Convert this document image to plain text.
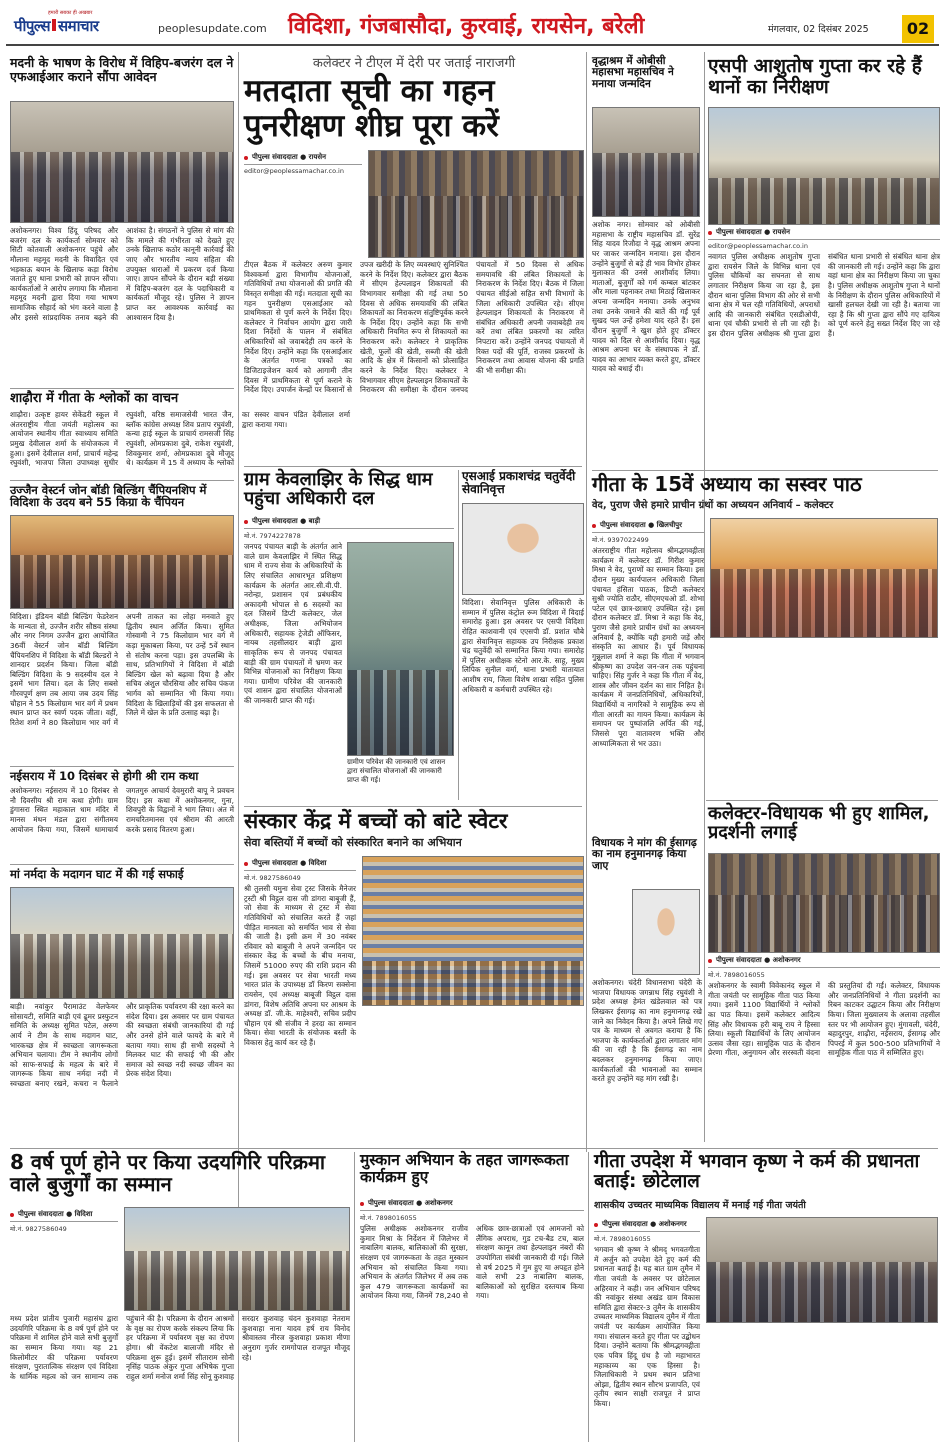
हमारी सबका ही अखबार
पीपुल्स समाचार	peoplesupdate.com विदिशा, गंजबासौदा, कुरवाई, रायसेन, बरेली	मंगलवार, 02 दिसंबर 2025	02
मदनी के भाषण के विरोध में विहिप-बजरंग दल ने एफआईआर कराने सौंपा आवेदन
अशोकनगर। विश्व हिंदू परिषद और बजरंग दल के कार्यकर्ता सोमवार को सिटी कोतवाली अशोकनगर पहुंचे और मौलाना महमूद मदनी के विवादित एवं भड़काऊ बयान के खिलाफ कड़ा विरोध जताते हुए थाना प्रभारी को ज्ञापन सौंपा। कार्यकर्ताओं ने आरोप लगाया कि मौलाना महमूद मदनी द्वारा दिया गया भाषण सामाजिक सौहार्द को भंग करने वाला है और इससे सांप्रदायिक तनाव बढ़ने की आशंका है। संगठनों ने पुलिस से मांग की कि मामले की गंभीरता को देखते हुए उनके खिलाफ कठोर कानूनी कार्रवाई की जाए और भारतीय न्याय संहिता की उपयुक्त धाराओं में प्रकरण दर्ज किया जाए। ज्ञापन सौंपने के दौरान बड़ी संख्या में विहिप-बजरंग दल के पदाधिकारी व कार्यकर्ता मौजूद रहे। पुलिस ने ज्ञापन प्राप्त कर आवश्यक कार्रवाई का आश्वासन दिया है।
शाढ़ौरा में गीता के श्लोकों का वाचन
शाढ़ौरा। उत्कृष्ट हायर सेकेंडरी स्कूल में अंतरराष्ट्रीय गीता जयंती महोत्सव का आयोजन स्थानीय गीता स्वाध्याय समिति प्रमुख देवीलाल शर्मा के संयोजकत्व में हुआ। इसमें देवीलाल शर्मा, प्राचार्य महेन्द्र रघुवंशी, भाजपा जिला उपाध्यक्ष सुधीर रघुवंशी, वरिष्ठ समाजसेवी भारत जैन, ब्लॉक कांग्रेस अध्यक्ष शिव प्रताप रघुवंशी, कन्या हाई स्कूल के प्राचार्य रामसजी सिंह रघुवंशी, ओमप्रकाश दुबे, राकेश रघुवंशी, शिवकुमार शर्मा, ओमप्रकाश दुबे मौजूद थे। कार्यक्रम में 15 वें अध्याय के श्लोकों का सस्वर वाचन पंडित देवीलाल शर्मा द्वारा कराया गया।
उज्जैन वेस्टर्न जोन बॉडी बिल्डिंग चैंपियनशिप में विदिशा के उदय बने 55 किग्रा के चैंपियन
विदिशा। इंडियन बॉडी बिल्डिंग फेडरेशन के मान्यता से, उज्जैन शरीर सौष्ठव संस्था और नगर निगम उज्जैन द्वारा आयोजित 36वीं वेस्टर्न जोन बॉडी बिल्डिंग चैंपियनशिप में विदिशा के बॉडी बिल्डरों ने शानदार प्रदर्शन किया। जिला बॉडी बिल्डिंग विदिशा के 9 सदस्यीय दल ने इसमें भाग लिया। दल के लिए सबसे गौरवपूर्ण क्षण तब आया जब उदय सिंह चौहान ने 55 किलोग्राम भार वर्ग में प्रथम स्थान प्राप्त कर स्वर्ण पदक जीता। वहीं, रितेश शर्मा ने 80 किलोग्राम भार वर्ग में अपनी ताकत का लोहा मनवाते हुए द्वितीय स्थान अर्जित किया। सुमित गोस्वामी ने 75 किलोग्राम भार वर्ग में कड़ा मुकाबला किया, पर उन्हें 5वें स्थान से संतोष करना पड़ा। इस उपलब्धि के साथ, प्रतिभागियों ने विदिशा में बॉडी बिल्डिंग खेल को बढ़ावा दिया है और सचिव अंशुल चौरसिया और सचिव पंकज भार्गव को सम्मानित भी किया गया। विदिशा के खिलाड़ियों की इस सफलता से जिले में खेल के प्रति उत्साह बढ़ा है।
नईसराय में 10 दिसंबर से होगी श्री राम कथा
अशोकनगर। नईसराय में 10 दिसंबर से नौ दिवसीय श्री राम कथा होगी। ग्राम डुंगासरा स्थित महाकाल धाम मंदिर में मानस मंथन मंडल द्वारा संगीतमय आयोजन किया गया, जिसमें धामाचार्य जगतगुरु आचार्य देवमुरारी बापू ने प्रवचन दिए। इस कथा में अशोकनगर, गुना, शिवपुरी के विद्वानों ने भाग लिया। अंत में रामचरितमानस एवं श्रीराम की आरती करके प्रसाद वितरण हुआ।
मां नर्मदा के मदागन घाट में की गई सफाई
बाड़ी। नवांकुर पैरामाउंट वेलफेयर सोसायटी, समिति बाड़ी एवं ढूमर प्रस्फुटन समिति के अध्यक्ष सुमित पटेल, अरुण आर्य ने टीम के साथ मदागन घाट, भारकच्छ क्षेत्र में स्वच्छता जागरूकता अभियान चलाया। टीम ने स्थानीय लोगों को साफ-सफाई के महत्व के बारे में जागरूक किया साथ नर्मदा नदी में स्वच्छता बनाए रखने, कचरा न फैलाने और प्राकृतिक पर्यावरण की रक्षा करने का संदेश दिया। इस अवसर पर ग्राम पंचायत की स्वच्छता संबंधी जानकारियां दी गई और उनसे होने वाले फायदे के बारे में बताया गया। साथ ही सभी सदस्यों ने मिलकर घाट की सफाई भी की और समाज को स्वच्छ नदी स्वच्छ जीवन का प्रेरक संदेश दिया।
कलेक्टर ने टीएल में देरी पर जताई नाराजगी
मतदाता सूची का गहन पुनरीक्षण शीघ्र पूरा करें
पीपुल्स संवाददाता ● रायसेन
editor@peoplessamachar.co.in
टीएल बैठक में कलेक्टर अरुण कुमार विश्वकर्मा द्वारा विभागीय योजनाओं, गतिविधियों तथा योजनाओं की प्रगति की विस्तृत समीक्षा की गई। मतदाता सूची का गहन पुनरीक्षण एसआईआर को प्राथमिकता से पूर्ण करने के निर्देश दिए। कलेक्टर ने निर्वाचन आयोग द्वारा जारी दिशा निर्देशों के पालन में संबंधित अधिकारियों को जवाबदेही तय करने के निर्देश दिए। उन्होंने कहा कि एसआईआर के अंतर्गत गणना पत्रकों का डिजिटाइजेशन कार्य को आगामी तीन दिवस में प्राथमिकता से पूर्ण कराने के निर्देश दिए। उपार्जन केन्द्रों पर किसानों से उपज खरीदी के लिए व्यवस्थाएं सुनिश्चित करने के निर्देश दिए। कलेक्टर द्वारा बैठक में सीएम हेल्पलाइन शिकायतों की विभागवार समीक्षा की गई तथा 50 दिवस से अधिक समयावधि की लंबित शिकायतों का निराकरण संतुष्टिपूर्वक करने के निर्देश दिए। उन्होंने कहा कि सभी अधिकारी नियमित रूप से शिकायतों का निराकरण करें। कलेक्टर ने प्राकृतिक खेती, फूलों की खेती, सब्जी की खेती आदि के क्षेत्र में किसानों को प्रोत्साहित करने के निर्देश दिए। कलेक्टर ने विभागवार सीएम हेल्पलाइन शिकायतों के निराकरण की समीक्षा के दौरान जनपद पंचायतों में 50 दिवस से अधिक समयावधि की लंबित शिकायतों के निराकरण के निर्देश दिए। बैठक में जिला पंचायत सीईओ सहित सभी विभागों के जिला अधिकारी उपस्थित रहे। सीएम हेल्पलाइन शिकायतों के निराकरण में संबंधित अधिकारी अपनी जवाबदेही तय करें तथा लंबित प्रकरणों का त्वरित निपटारा करें। उन्होंने जनपद पंचायतों में रिक्त पदों की पूर्ति, राजस्व प्रकरणों के निराकरण तथा आवास योजना की प्रगति की भी समीक्षा की।
ग्राम केवलाझिर के सिद्ध धाम पहुंचा अधिकारी दल
पीपुल्स संवाददाता ● बाड़ी
मो.नं. 7974227878
जनपद पंचायत बाड़ी के अंतर्गत आने वाले ग्राम केवलाझिर में स्थित सिद्ध धाम में राज्य सेवा के अधिकारियों के लिए संचालित आधारभूत प्रशिक्षण कार्यक्रम के अंतर्गत आर.सी.वी.पी. नरोन्हा, प्रशासन एवं प्रबंधकीय अकादमी भोपाल से 6 सदस्यों का दल जिसमें डिप्टी कलेक्टर, जेल अधीक्षक, जिला अभियोजन अधिकारी, सहायक ट्रेजेडी ऑफिसर, नायब तहसीलदार बाड़ी द्वारा साकृतिक रूप से जनपद पंचायत बाड़ी की ग्राम पंचायतों में भ्रमण कर विभिन्न योजनाओं का निरीक्षण किया गया। ग्रामीण परिवेश की जानकारी एवं शासन द्वारा संचालित योजनाओं की जानकारी प्राप्त की गई।
ग्रामीण परिवेश की जानकारी एवं शासन द्वारा संचालित योजनाओं की जानकारी प्राप्त की गई।
एसआई प्रकाशचंद्र चतुर्वेदी सेवानिवृत्त
विदिशा। सेवानिवृत्त पुलिस अधिकारी के सम्मान में पुलिस कंट्रोल रूम विदिशा में विदाई समारोह हुआ। इस अवसर पर एसपी विदिशा रोहित काशवानी एवं एएसपी डॉ. प्रशांत चौबे द्वारा सेवानिवृत्त सहायक उप निरीक्षक प्रकाश चंद्र चतुर्वेदी को सम्मानित किया गया। समारोह में पुलिस अधीक्षक स्टेनो आर.के. साहू, मुख्य लिपिक सुनील वर्मा, थाना प्रभारी यातायात आशीष राय, जिला विशेष शाखा सहित पुलिस अधिकारी व कर्मचारी उपस्थित रहे।
संस्कार केंद्र में बच्चों को बांटे स्वेटर
सेवा बस्तियों में बच्चों को संस्कारित बनाने का अभियान
पीपुल्स संवाददाता ● विदिशा
मो.नं. 9827586049
श्री तुलसी यमुना सेवा ट्रस्ट जिसके मैनेजर ट्रस्टी श्री विट्ठल दास जी डांगरा बाबूजी हैं, जो सेवा के माध्यम से ट्रस्ट में सेवा गतिविधियों को संचालित करते हैं जहां पीड़ित मानवता को समर्पित भाव से सेवा की जाती है। इसी क्रम में 30 नवंबर रविवार को बाबूजी ने अपने जन्मदिन पर संस्कार केंद्र के बच्चों के बीच मनाया, जिसमें 51000 रुपए की राशि प्रदान की गई। इस अवसर पर सेवा भारती मध्य भारत प्रांत के उपाध्यक्ष डॉ किरण सक्सेना रायसेन, एवं अध्यक्ष बाबूजी विट्ठल दास डांगरा, विशेष अतिथि अपना घर आश्रम के अध्यक्ष डॉ. जी.के. माहेश्वरी, सचिव प्रदीप चौहान एवं श्री संजीव ने हरदा का सम्मान किया। सेवा भारती के संयोजक बस्ती के विकास हेतु कार्य कर रहे हैं।
वृद्धाश्रम में ओबीसी महासभा महासचिव ने मनाया जन्मदिन
अशोक नगर। सोमवार को ओबीसी महासभा के राष्ट्रीय महासचिव डॉ. सुरेंद्र सिंह यादव रिजौदा ने वृद्ध आश्रम अपना घर जाकर जन्मदिन मनाया। इस दौरान उन्होंने बुजुर्गों से बड़े ही भाव विभोर होकर मुलाकात की उनसे आशीर्वाद लिया। माताओं, बुजुर्गों को गर्म कम्बल बांटकर और माला पहनाकर तथा मिठाई खिलाकर अपना जन्मदिन मनाया। उनके अनुभव तथा उनके जमाने की बातें की गईं पूर्व सुखद पल उन्हें हमेशा याद रहते हैं। इस दौरान बुजुर्गों ने खुश होते हुए डॉक्टर यादव को दिल से आशीर्वाद दिया। वृद्ध आश्रम अपना घर के संस्थापक ने डॉ. यादव का आभार व्यक्त करते हुए, डॉक्टर यादव को बधाई दी।
विधायक ने मांग की ईसागढ़ का नाम हनुमानगढ़ किया जाए
अशोकनगर। चंदेरी विधानसभा चंदेरी के भाजपा विधायक जगन्नाथ सिंह रघुवंशी ने प्रदेश अध्यक्ष हेमंत खंडेलवाल को पत्र लिखकर ईसागढ़ का नाम हनुमानगढ़ रखे जाने का निवेदन किया है। अपने लिखे गए पत्र के माध्यम से अवगत कराया है कि भाजपा के कार्यकर्ताओं द्वारा लगातार मांग की जा रही है कि ईसागढ़ का नाम बदलकर हनुमानगढ़ किया जाए। कार्यकर्ताओं की भावनाओं का सम्मान करते हुए उन्होंने यह मांग रखी है।
एसपी आशुतोष गुप्ता कर रहे हैं थानों का निरीक्षण
पीपुल्स संवाददाता ● रायसेन
editor@peoplessamachar.co.in
नवागत पुलिस अधीक्षक आशुतोष गुप्ता द्वारा रायसेन जिले के विभिन्न थाना एवं पुलिस चौकियों का सघनता से साथ लगातार निरीक्षण किया जा रहा है, इस दौरान थाना पुलिस विभाग की ओर से सभी थाना क्षेत्र में चल रही गतिविधियों, अपराधों आदि की जानकारी संबंधित एसडीओपी, थाना एवं चौकी प्रभारी से ली जा रही है। इस दौरान पुलिस अधीक्षक श्री गुप्ता द्वारा संबंधित थाना प्रभारी से संबंधित थाना क्षेत्र की जानकारी ली गई। उन्होंने कहा कि द्वारा वहां थाना क्षेत्र का निरीक्षण किया जा चुका है। पुलिस अधीक्षक आशुतोष गुप्ता ने थानों के निरीक्षण के दौरान पुलिस अधिकारियों में खासी हलचल देखी जा रही है। बताया जा रहा है कि श्री गुप्ता द्वारा सौंपे गए दायित्व को पूर्ण करने हेतु सख्त निर्देश दिए जा रहे हैं।
गीता के 15वें अध्याय का सस्वर पाठ
वेद, पुराण जैसे हमारे प्राचीन ग्रंथों का अध्ययन अनिवार्य – कलेक्टर
पीपुल्स संवाददाता ● खिलचीपुर
मो.नं. 9397022499
अंतरराष्ट्रीय गीता महोत्सव श्रीमद्भगवद्गीता कार्यक्रम में कलेक्टर डॉ. गिरीश कुमार मिश्रा ने वेद, पुराणों का सम्मान किया। इस दौरान मुख्य कार्यपालन अधिकारी जिला पंचायत हंसिता पाठक, डिप्टी कलेक्टर सुश्री ज्योति राठौर, सीएमएचओ डॉ. शोभा पटेल एवं छात्र-छात्राएं उपस्थित रहे। इस दौरान कलेक्टर डॉ. मिश्रा ने कहा कि वेद, पुराण जैसे हमारे प्राचीन ग्रंथों का अध्ययन अनिवार्य है, क्योंकि यही हमारी जड़ें और संस्कृति का आधार हैं। पूर्व विधायक गुन्नूलाल शर्मा ने कहा कि गीता में भगवान श्रीकृष्ण का उपदेश जन-जन तक पहुंचना चाहिए। सिंह गुर्जर ने कहा कि गीता में वेद, शास्त्र और जीवन दर्शन का सार निहित है। कार्यक्रम में जनप्रतिनिधियों, अधिकारियों, विद्यार्थियों व नागरिकों ने सामूहिक रूप से गीता आरती का गायन किया। कार्यक्रम के समापन पर पुष्पांजलि अर्पित की गई, जिससे पूरा वातावरण भक्ति और आध्यात्मिकता से भर उठा।
कलेक्टर-विधायक भी हुए शामिल, प्रदर्शनी लगाई
पीपुल्स संवाददाता ● अशोकनगर
मो.नं. 7898016055
अशोकनगर के स्वामी विवेकानंद स्कूल में गीता जयंती पर सामूहिक गीता पाठ किया गया। इसमें 1100 विद्यार्थियों ने श्लोकों का पाठ किया। इसमें कलेक्टर आदित्य सिंह और विधायक हरी बाबू राय ने हिस्सा लिया। स्कूली विद्यार्थियों के लिए आयोजन उत्सव जैसा रहा। सामूहिक पाठ के दौरान प्रेरणा गीता, अनुगायन और सरस्वती वंदना की प्रस्तुतियां दी गईं। कलेक्टर, विधायक और जनप्रतिनिधियों ने गीता प्रदर्शनी का रिबन काटकर उद्घाटन किया और निरीक्षण किया। जिला मुख्यालय के अलावा तहसील स्तर पर भी आयोजन हुए। मुंगावली, चंदेरी, बहादुरपुर, शाढ़ौरा, नईसराय, ईसागढ़ और पिपरई में कुल 500-500 प्रतिभागियों ने सामूहिक गीता पाठ में सम्मिलित हुए।
8 वर्ष पूर्ण होने पर किया उदयगिरि परिक्रमा वाले बुजुर्गों का सम्मान
पीपुल्स संवाददाता ● विदिशा
मो.नं. 9827586049
मध्य प्रदेश प्रांतीय पुजारी महासंघ द्वारा उदयगिरि परिक्रमा के 8 वर्ष पूर्ण होने पर परिक्रमा में शामिल होने वाले सभी बुजुर्गों का सम्मान किया गया। यह 21 किलोमीटर की परिक्रमा पर्यावरण संरक्षण, पुरातात्विक संरक्षण एवं विदिशा के धार्मिक महत्व को जन सामान्य तक पहुंचाने की है। परिक्रमा के दौरान आश्रमों के वृक्ष का रोपण करके संकल्प लिया कि हर परिक्रमा में पर्यावरण वृक्ष का रोपण होगा। श्री वेंकटेश बालाजी मंदिर से परिक्रमा शुरू हुई। इसमें सीताराम सोनी नृसिंह पाठक अंकुर गुप्ता अभिषेक गुप्ता राहुल शर्मा मनोज शर्मा सिंह सोनू कुशवाह सरदार कुशवाह चंदन कुशवाहा नेतराम कुशवाहा नाना यादव हर्ष राय विनोद श्रीवास्तव नीरज कुशवाहा प्रकाश मीणा अनुराग गुर्जर रामगोपाल राजपूत मौजूद रहे।
मुस्कान अभियान के तहत जागरूकता कार्यक्रम हुए
पीपुल्स संवाददाता ● अशोकनगर
मो.नं. 7898016055
पुलिस अधीक्षक अशोकनगर राजीव कुमार मिश्रा के निर्देशन में जिलेभर में नाबालिग बालक, बालिकाओं की सुरक्षा, संरक्षण एवं जागरूकता के तहत मुस्कान अभियान को संचालित किया गया। अभियान के अंतर्गत जिलेभर में अब तक कुल 479 जागरूकता कार्यक्रमों का आयोजन किया गया, जिनमें 78,240 से अधिक छात्र-छात्राओं एवं आमजनों को लैंगिक अपराध, गुड टच-बैड टच, बाल संरक्षण कानून तथा हेल्पलाइन नंबरों की उपयोगिता संबंधी जानकारी दी गई। जिले से वर्ष 2025 में गुम हुए या अपहृत होने वाले सभी 23 नाबालिग बालक, बालिकाओं को सुरक्षित दस्तयाब किया गया।
गीता उपदेश में भगवान कृष्ण ने कर्म की प्रधानता बताई: छोटेलाल
शासकीय उच्चतर माध्यमिक विद्यालय में मनाई गई गीता जयंती
पीपुल्स संवाददाता ● अशोकनगर
मो.नं. 7898016055
भगवान श्री कृष्ण ने श्रीमद् भगवतगीता में अर्जुन को उपदेश देते हुए कर्म की प्रधानता बताई है। यह बात ग्राम तूमैन में गीता जयंती के अवसर पर छोटेलाल अहिरवार ने कही। जन अभियान परिषद की नवांकुर संस्था अखंड ग्राम विकास समिति द्वारा सेक्टर-3 तूमैन के शासकीय उच्चतर माध्यमिक विद्यालय तूमैन में गीता जयंती पर कार्यक्रम आयोजित किया गया। संचालन करते हुए गीता पर उद्बोधन दिया। उन्होंने बताया कि श्रीमद्भगवद्गीता एक पवित्र हिंदू ग्रंथ है जो महाभारत महाकाव्य का एक हिस्सा है। जिलाधिकारी ने प्रथम स्थान प्रतिभा ओझा, द्वितीय स्थान सौरभ प्रजापति, एवं तृतीय स्थान साक्षी राजपूत ने प्राप्त किया।
